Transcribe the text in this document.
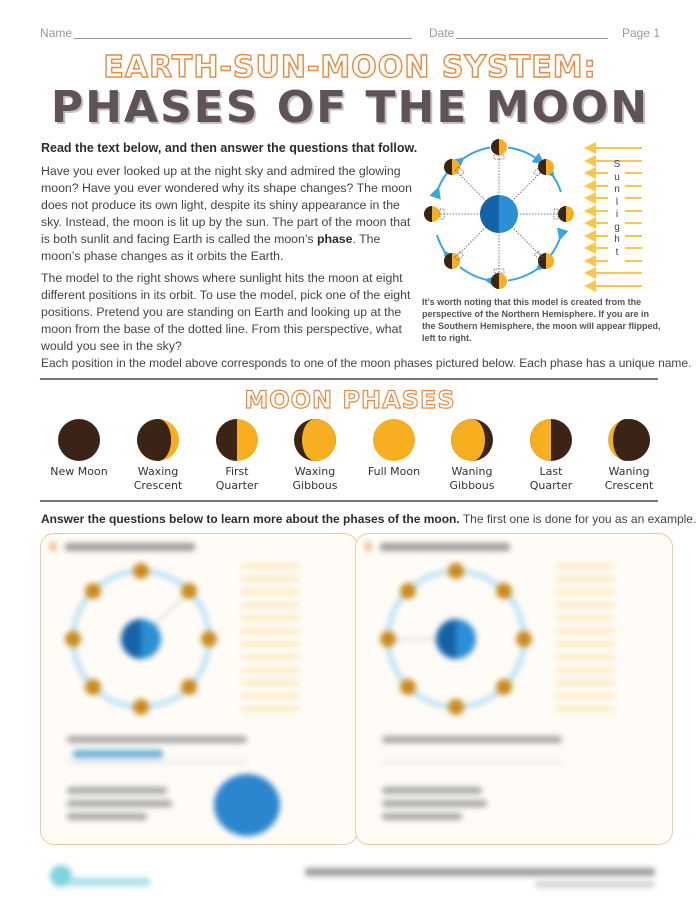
Name	Date	Page 1
EARTH-SUN-MOON SYSTEM:
PHASES OF THE MOON
Read the text below, and then answer the questions that follow.
Have you ever looked up at the night sky and admired the glowing moon? Have you ever wondered why its shape changes? The moon does not produce its own light, despite its shiny appearance in the sky. Instead, the moon is lit up by the sun. The part of the moon that is both sunlit and facing Earth is called the moon’s phase. The moon’s phase changes as it orbits the Earth.
The model to the right shows where sunlight hits the moon at eight different positions in its orbit. To use the model, pick one of the eight positions. Pretend you are standing on Earth and looking up at the moon from the base of the dotted line. From this perspective, what would you see in the sky?
S
u
n
l
i
g
h
t
It’s worth noting that this model is created from the perspective of the Northern Hemisphere. If you are in the Southern Hemisphere, the moon will appear flipped, left to right.
Each position in the model above corresponds to one of the moon phases pictured below. Each phase has a unique name.
MOON PHASES
New Moon	Waxing
Crescent
First
Quarter
Waxing
Gibbous
Full Moon	Waning
Gibbous
Last
Quarter
Waning
Crescent
Answer the questions below to learn more about the phases of the moon. The first one is done for you as an example.
